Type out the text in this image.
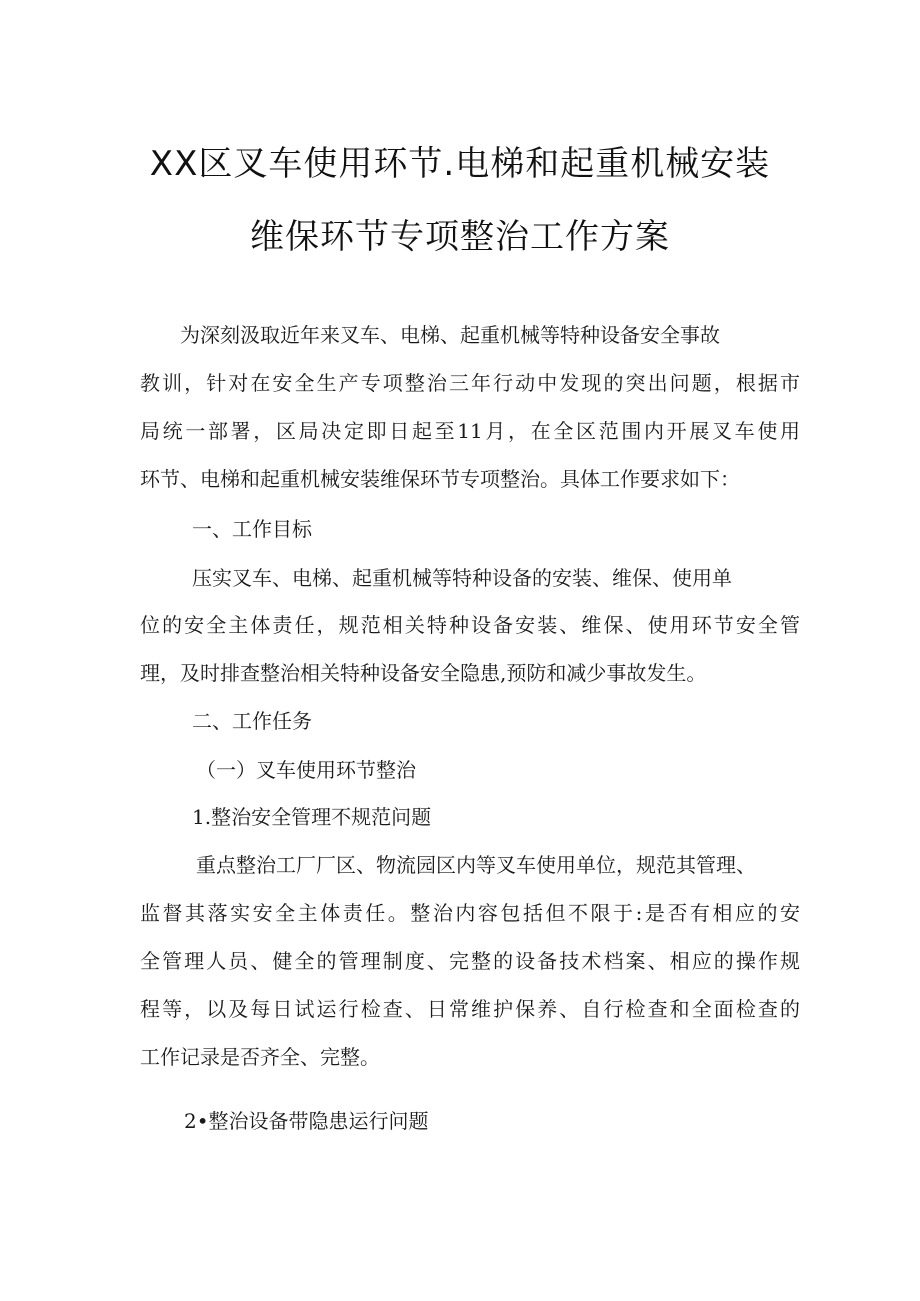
XX区叉车使用环节.电梯和起重机械安装
维保环节专项整治工作方案
为深刻汲取近年来叉车、电梯、起重机械等特种设备安全事故
教训，针对在安全生产专项整治三年行动中发现的突出问题，根据市
局统一部署，区局决定即日起至11月，在全区范围内开展叉车使用
环节、电梯和起重机械安装维保环节专项整治。具体工作要求如下：
一、工作目标
压实叉车、电梯、起重机械等特种设备的安装、维保、使用单
位的安全主体责任，规范相关特种设备安装、维保、使用环节安全管
理，及时排查整治相关特种设备安全隐患,预防和减少事故发生。
二、工作任务
（一）叉车使用环节整治
1.整治安全管理不规范问题
重点整治工厂厂区、物流园区内等叉车使用单位，规范其管理、
监督其落实安全主体责任。整治内容包括但不限于:是否有相应的安
全管理人员、健全的管理制度、完整的设备技术档案、相应的操作规
程等，以及每日试运行检查、日常维护保养、自行检查和全面检查的
工作记录是否齐全、完整。
2•整治设备带隐患运行问题
